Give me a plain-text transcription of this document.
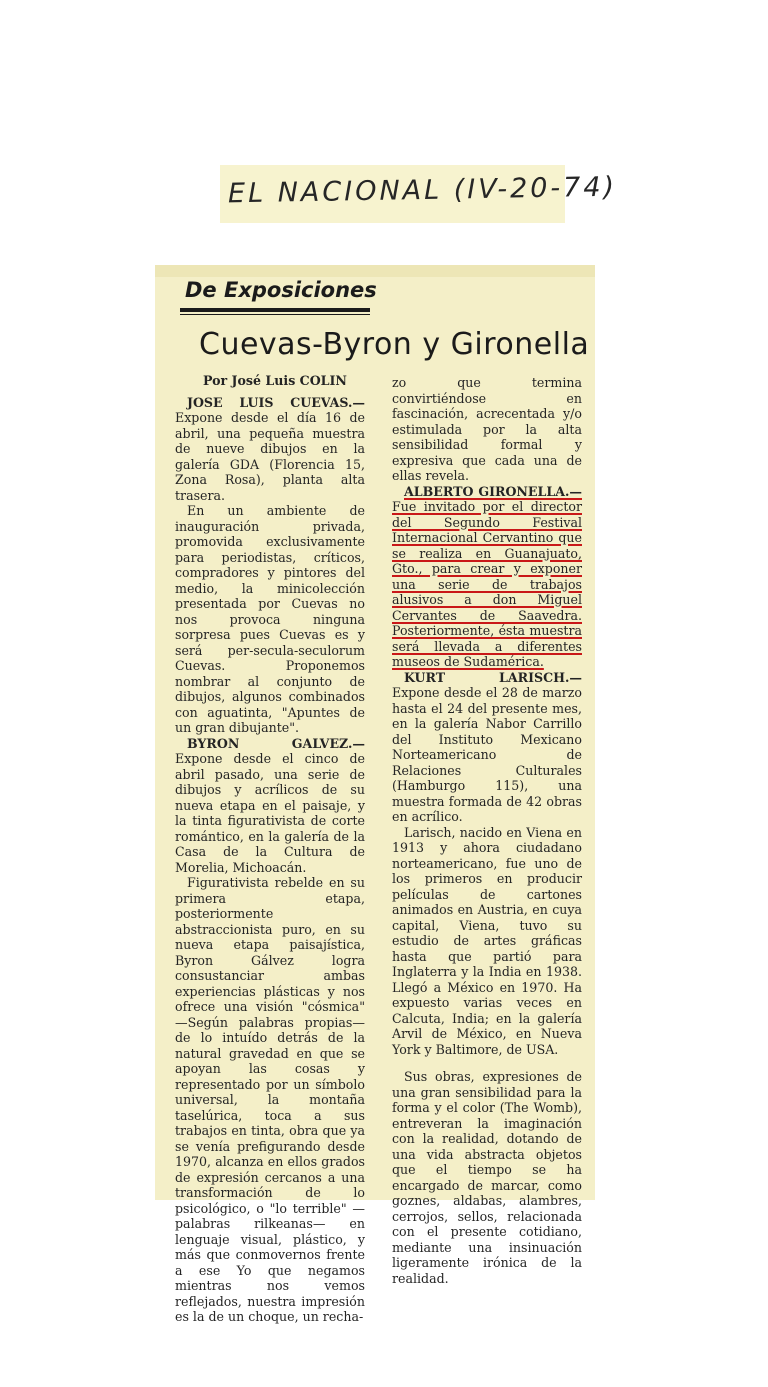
EL NACIONAL (IV-20-74)
De Exposiciones
Cuevas-Byron y Gironella

Por José Luis COLIN

JOSE LUIS CUEVAS.— Expone desde el día 16 de abril, una pequeña muestra de nueve dibujos en la galería GDA (Florencia 15, Zona Rosa), planta alta trasera.

En un ambiente de inauguración privada, promovida exclusivamente para periodistas, críticos, compradores y pintores del medio, la minicolección presentada por Cuevas no nos provoca ninguna sorpresa pues Cuevas es y será per-secula-seculorum Cuevas. Proponemos nombrar al conjunto de dibujos, algunos combinados con aguatinta, "Apuntes de un gran dibujante".

BYRON GALVEZ.— Expone desde el cinco de abril pasado, una serie de dibujos y acrílicos de su nueva etapa en el paisaje, y la tinta figurativista de corte romántico, en la galería de la Casa de la Cultura de Morelia, Michoacán.

Figurativista rebelde en su primera etapa, posteriormente abstraccionista puro, en su nueva etapa paisajística, Byron Gálvez logra consustanciar ambas experiencias plásticas y nos ofrece una visión "cósmica" —Según palabras propias— de lo intuído detrás de la natural gravedad en que se apoyan las cosas y representado por un símbolo universal, la montaña taselúrica, toca a sus trabajos en tinta, obra que ya se venía prefigurando desde 1970, alcanza en ellos grados de expresión cercanos a una transformación de lo psicológico, o "lo terrible" —palabras rilkeanas— en lenguaje visual, plástico, y más que conmovernos frente a ese Yo que negamos mientras nos vemos reflejados, nuestra impresión es la de un choque, un recha-

zo que termina convirtiéndose en fascinación, acrecentada y/o estimulada por la alta sensibilidad formal y expresiva que cada una de ellas revela.

ALBERTO GIRONELLA.— Fue invitado por el director del Segundo Festival Internacional Cervantino que se realiza en Guanajuato, Gto., para crear y exponer una serie de trabajos alusivos a don Miguel Cervantes de Saavedra. Posteriormente, ésta muestra será llevada a diferentes museos de Sudamérica.

KURT LARISCH.— Expone desde el 28 de marzo hasta el 24 del presente mes, en la galería Nabor Carrillo del Instituto Mexicano Norteamericano de Relaciones Culturales (Hamburgo 115), una muestra formada de 42 obras en acrílico.

Larisch, nacido en Viena en 1913 y ahora ciudadano norteamericano, fue uno de los primeros en producir películas de cartones animados en Austria, en cuya capital, Viena, tuvo su estudio de artes gráficas hasta que partió para Inglaterra y la India en 1938. Llegó a México en 1970. Ha expuesto varias veces en Calcuta, India; en la galería Arvil de México, en Nueva York y Baltimore, de USA.

Sus obras, expresiones de una gran sensibilidad para la forma y el color (The Womb), entreveran la imaginación con la realidad, dotando de una vida abstracta objetos que el tiempo se ha encargado de marcar, como goznes, aldabas, alambres, cerrojos, sellos, relacionada con el presente cotidiano, mediante una insinuación ligeramente irónica de la realidad.
